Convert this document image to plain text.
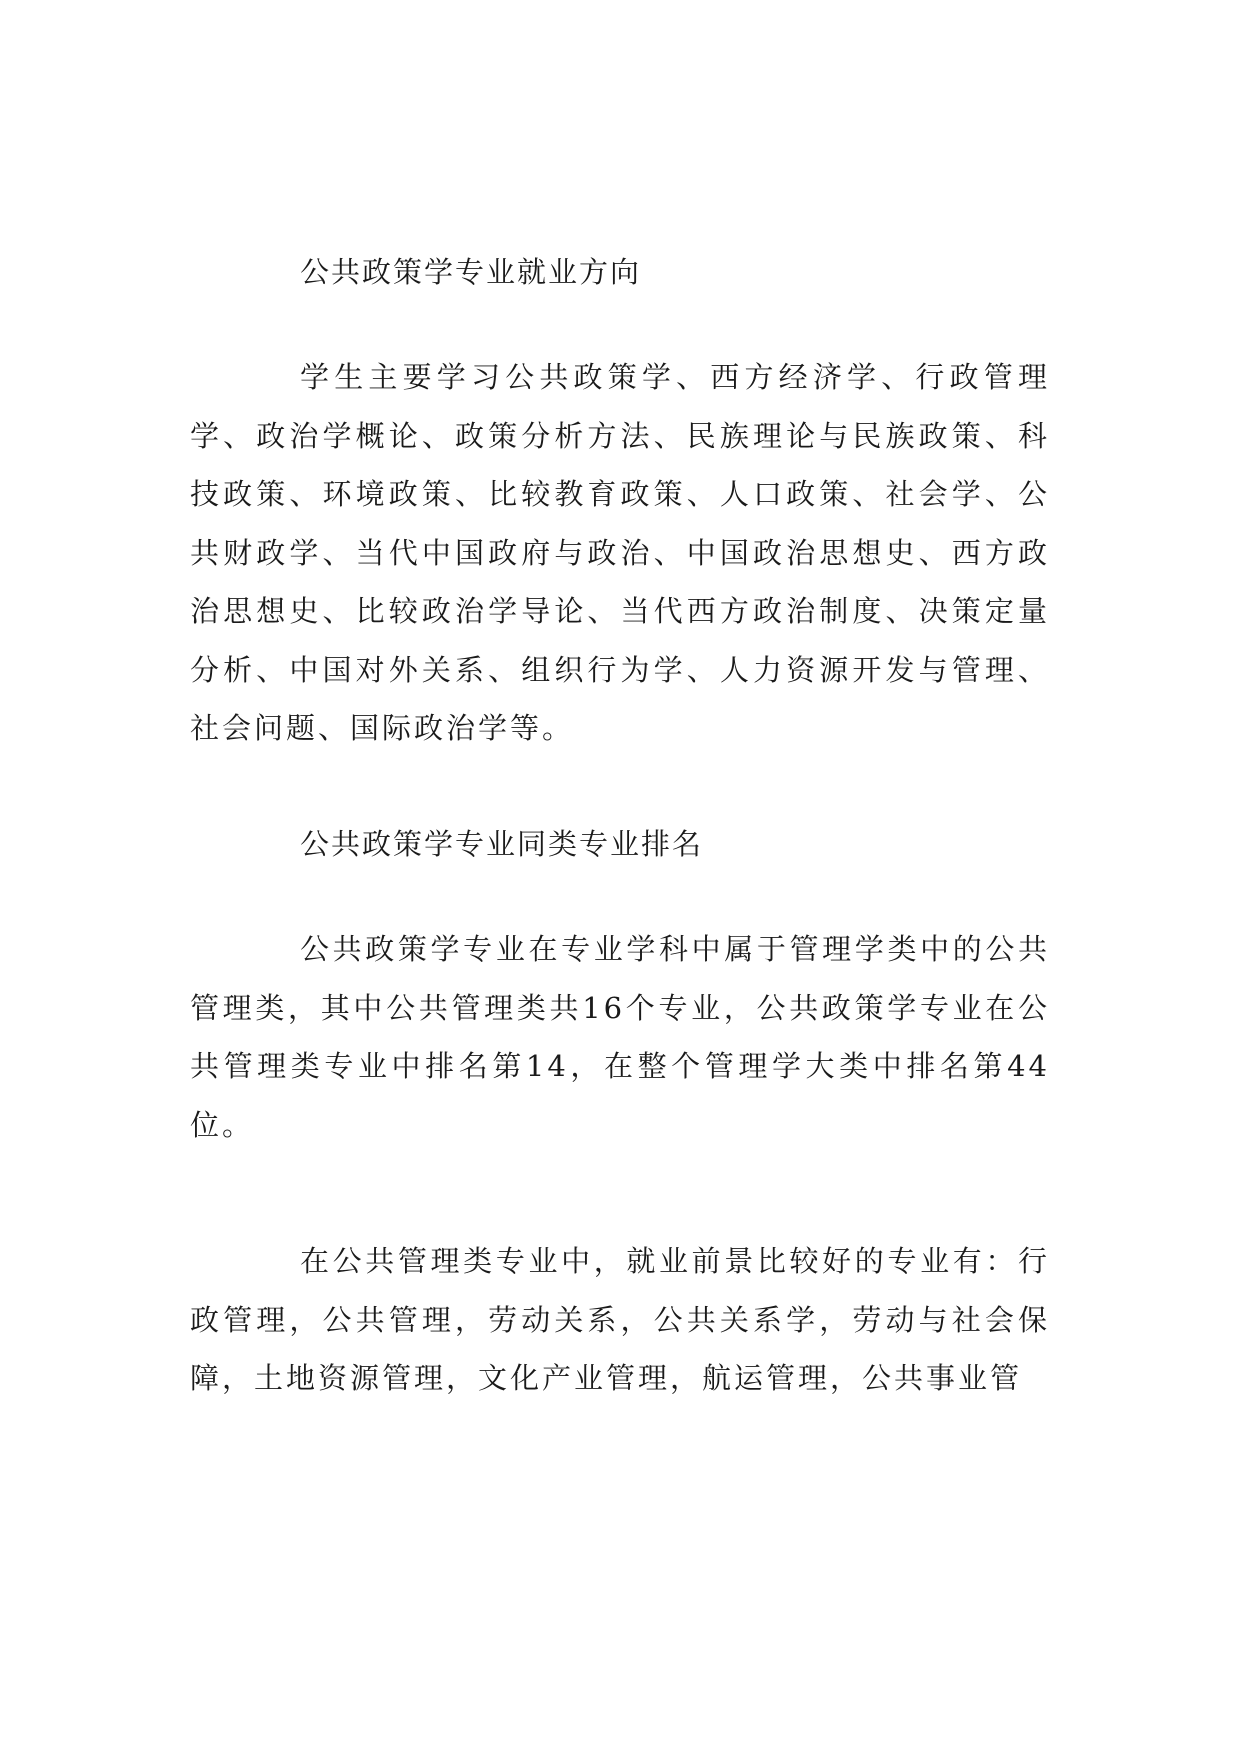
公共政策学专业就业方向
学生主要学习公共政策学、西方经济学、行政管理学、政治学概论、政策分析方法、民族理论与民族政策、科技政策、环境政策、比较教育政策、人口政策、社会学、公共财政学、当代中国政府与政治、中国政治思想史、西方政治思想史、比较政治学导论、当代西方政治制度、决策定量分析、中国对外关系、组织行为学、人力资源开发与管理、社会问题、国际政治学等。
公共政策学专业同类专业排名
公共政策学专业在专业学科中属于管理学类中的公共管理类，其中公共管理类共16个专业，公共政策学专业在公共管理类专业中排名第14，在整个管理学大类中排名第44位。
在公共管理类专业中，就业前景比较好的专业有：行政管理，公共管理，劳动关系，公共关系学，劳动与社会保障，土地资源管理，文化产业管理，航运管理，公共事业管
